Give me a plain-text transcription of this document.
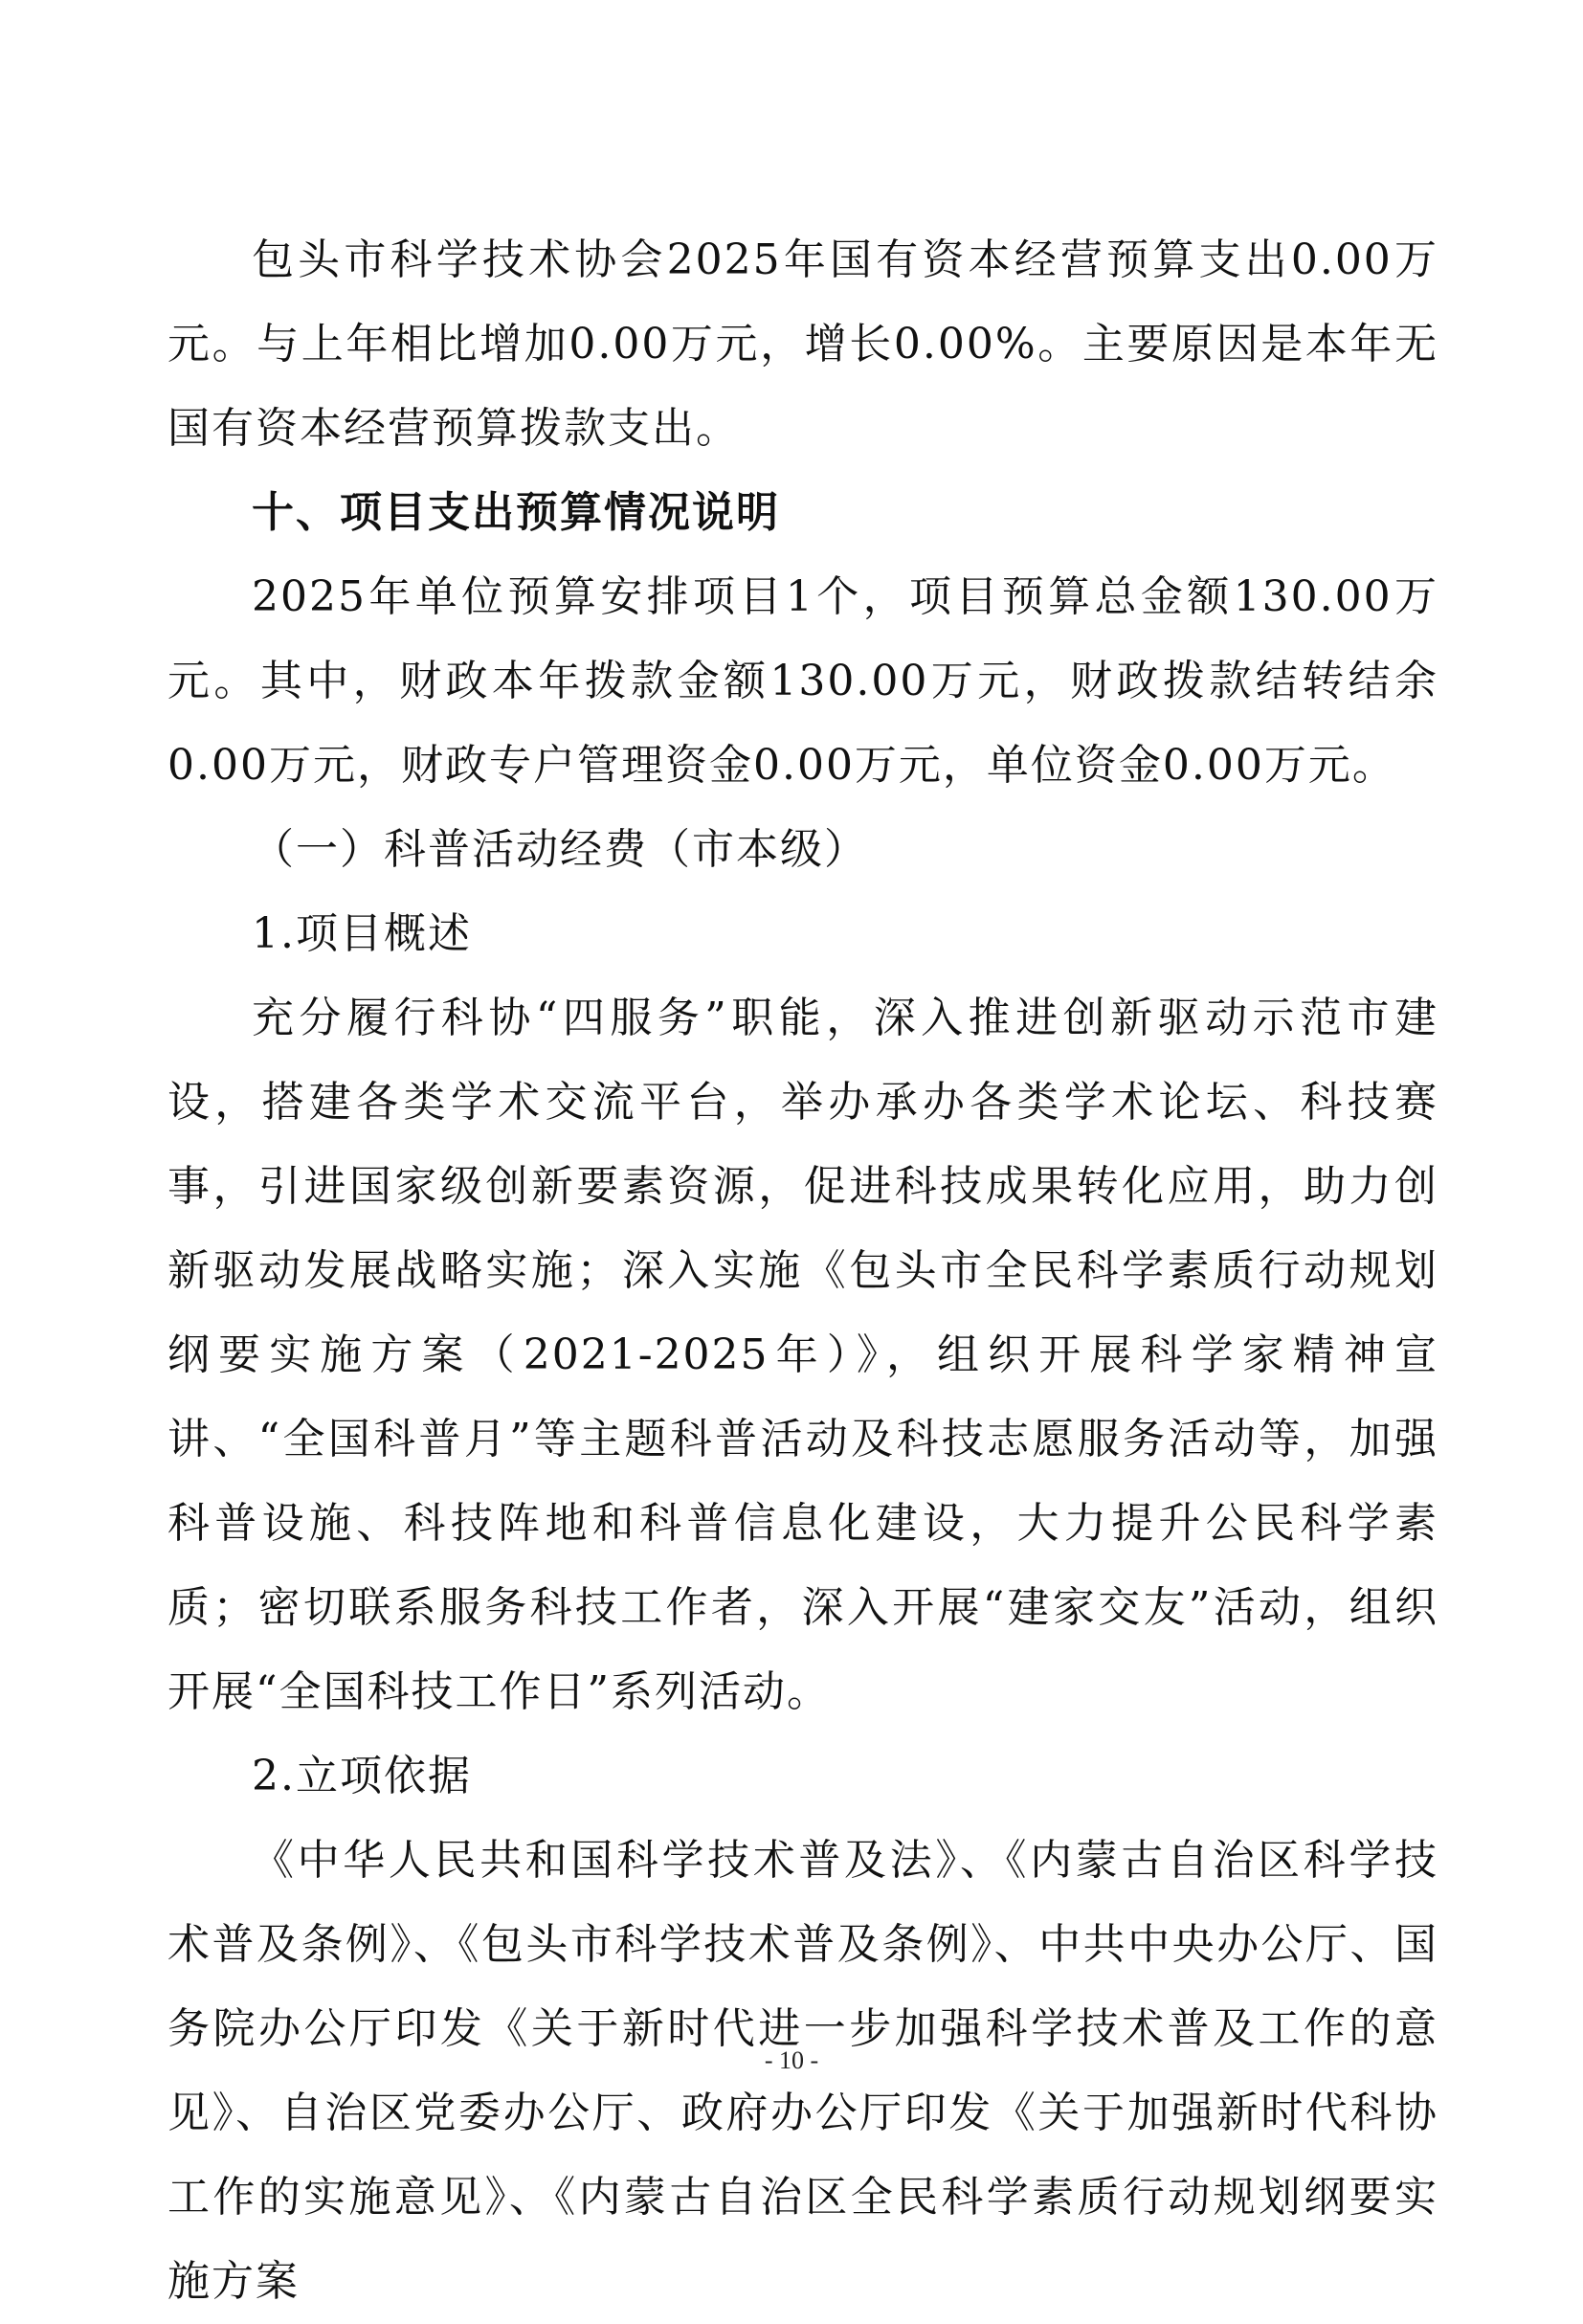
包头市科学技术协会2025年国有资本经营预算支出0.00万元。与上年相比增加0.00万元，增长0.00%。主要原因是本年无国有资本经营预算拨款支出。

十、项目支出预算情况说明

2025年单位预算安排项目1个，项目预算总金额130.00万元。其中，财政本年拨款金额130.00万元，财政拨款结转结余0.00万元，财政专户管理资金0.00万元，单位资金0.00万元。

（一）科普活动经费（市本级）

1.项目概述

充分履行科协“四服务”职能，深入推进创新驱动示范市建设，搭建各类学术交流平台，举办承办各类学术论坛、科技赛事，引进国家级创新要素资源，促进科技成果转化应用，助力创新驱动发展战略实施；深入实施《包头市全民科学素质行动规划纲要实施方案（2021-2025年）》，组织开展科学家精神宣讲、“全国科普月”等主题科普活动及科技志愿服务活动等，加强科普设施、科技阵地和科普信息化建设，大力提升公民科学素质；密切联系服务科技工作者，深入开展“建家交友”活动，组织开展“全国科技工作日”系列活动。

2.立项依据

《中华人民共和国科学技术普及法》、《内蒙古自治区科学技术普及条例》、《包头市科学技术普及条例》、中共中央办公厅、国务院办公厅印发《关于新时代进一步加强科学技术普及工作的意见》、自治区党委办公厅、政府办公厅印发《关于加强新时代科协工作的实施意见》、《内蒙古自治区全民科学素质行动规划纲要实施方案

- 10 -
